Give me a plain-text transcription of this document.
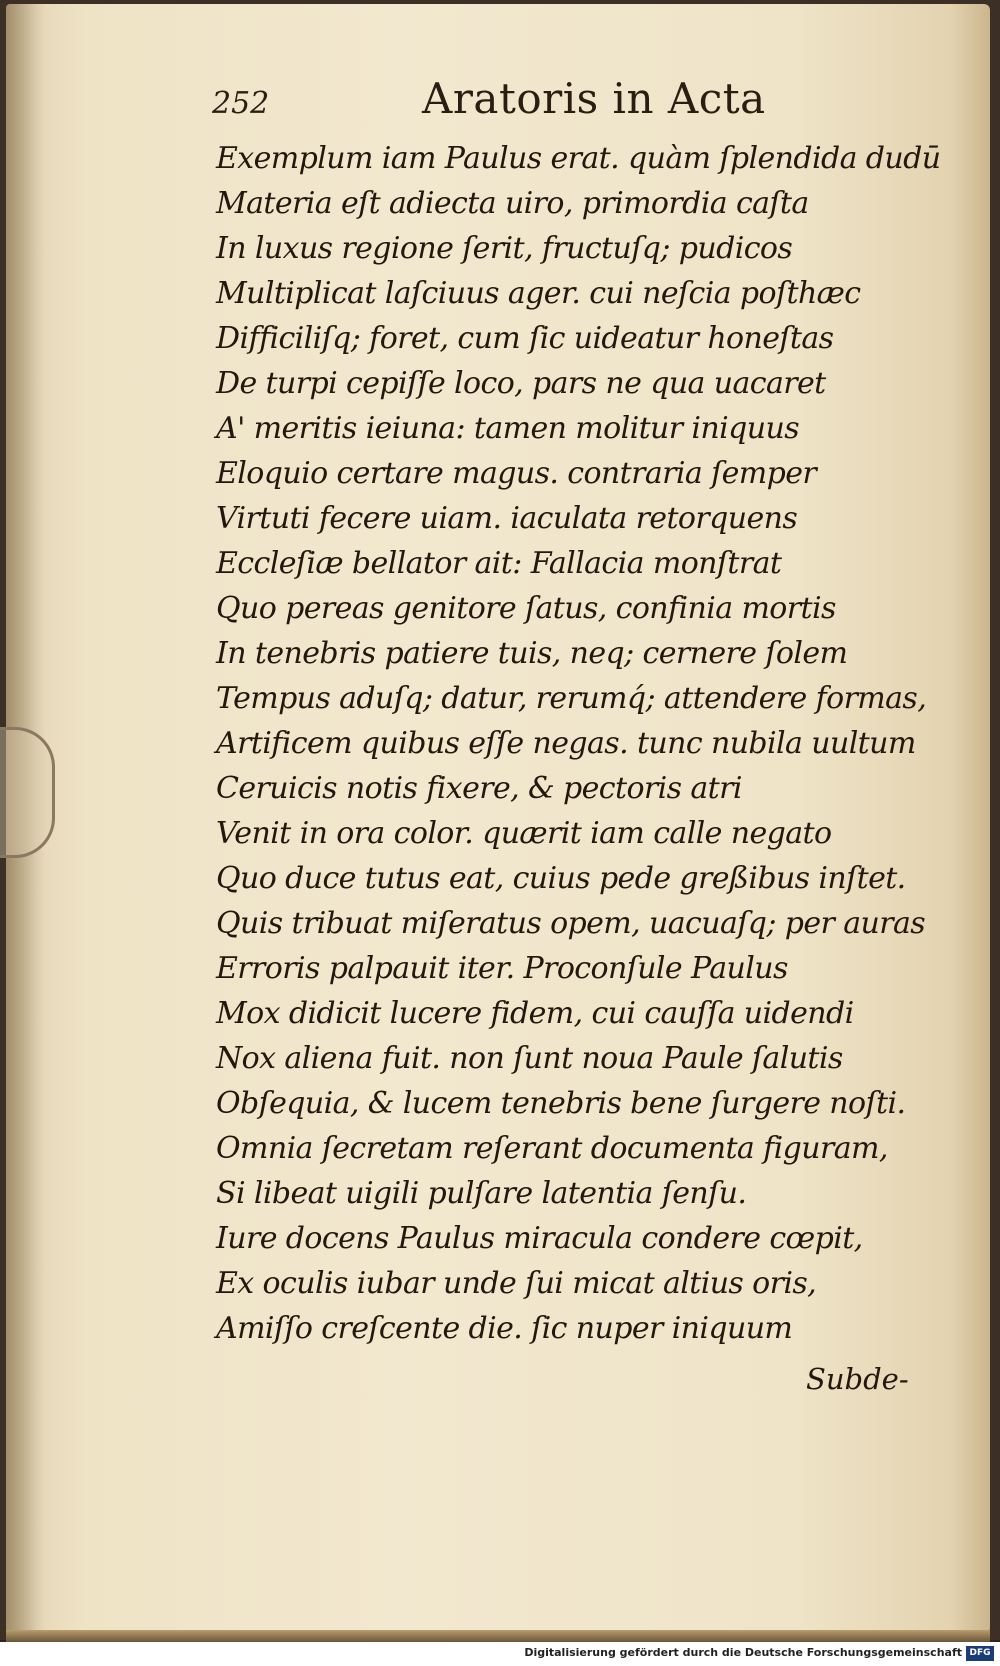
252	Aratoris in Acta
Exemplum iam Paulus erat. quàm ſplendida dudū
Materia eſt adiecta uiro, primordia caſta
In luxus regione ſerit, fructuſq; pudicos
Multiplicat laſciuus ager. cui neſcia poſthæc
Difficiliſq; foret, cum ſic uideatur honeſtas
De turpi cepiſſe loco, pars ne qua uacaret
A' meritis ieiuna: tamen molitur iniquus
Eloquio certare magus. contraria ſemper
Virtuti fecere uiam. iaculata retorquens
Eccleſiæ bellator ait: Fallacia monſtrat
Quo pereas genitore ſatus, confinia mortis
In tenebris patiere tuis, neq; cernere ſolem
Tempus aduſq; datur, rerumq́; attendere formas,
Artificem quibus eſſe negas. tunc nubila uultum
Ceruicis notis fixere, & pectoris atri
Venit in ora color. quærit iam calle negato
Quo duce tutus eat, cuius pede greßibus inſtet.
Quis tribuat miſeratus opem, uacuaſq; per auras
Erroris palpauit iter. Proconſule Paulus
Mox didicit lucere fidem, cui cauſſa uidendi
Nox aliena fuit. non ſunt noua Paule ſalutis
Obſequia, & lucem tenebris bene ſurgere noſti.
Omnia ſecretam reſerant documenta figuram,
Si libeat uigili pulſare latentia ſenſu.
Iure docens Paulus miracula condere cœpit,
Ex oculis iubar unde ſui micat altius oris,
Amiſſo creſcente die. ſic nuper iniquum
Subde-
Digitalisierung gefördert durch die Deutsche Forschungsgemeinschaft DFG
